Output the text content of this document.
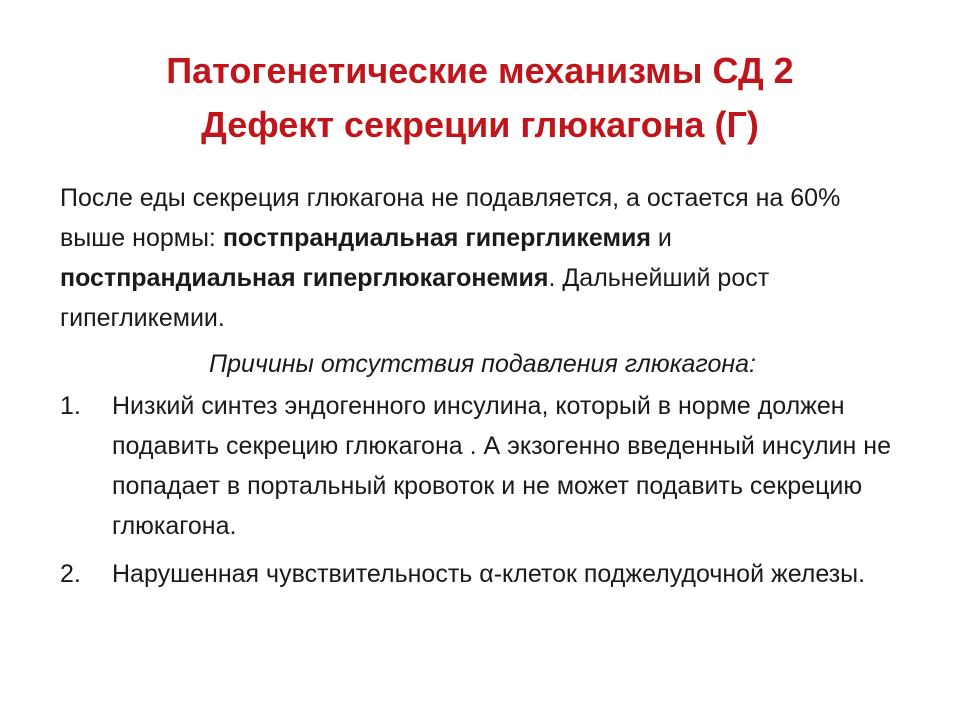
Патогенетические механизмы СД 2
Дефект секреции глюкагона (Г)

После еды секреция глюкагона не подавляется, а остается на 60% выше нормы: постпрандиальная гипергликемия и постпрандиальная гиперглюкагонемия. Дальнейший рост гипегликемии.

Причины отсутствия подавления глюкагона:

1. Низкий синтез эндогенного инсулина, который в норме должен подавить секрецию глюкагона . А экзогенно введенный инсулин не попадает в портальный кровоток и не может подавить секрецию глюкагона.
2. Нарушенная чувствительность α-клеток поджелудочной железы.
